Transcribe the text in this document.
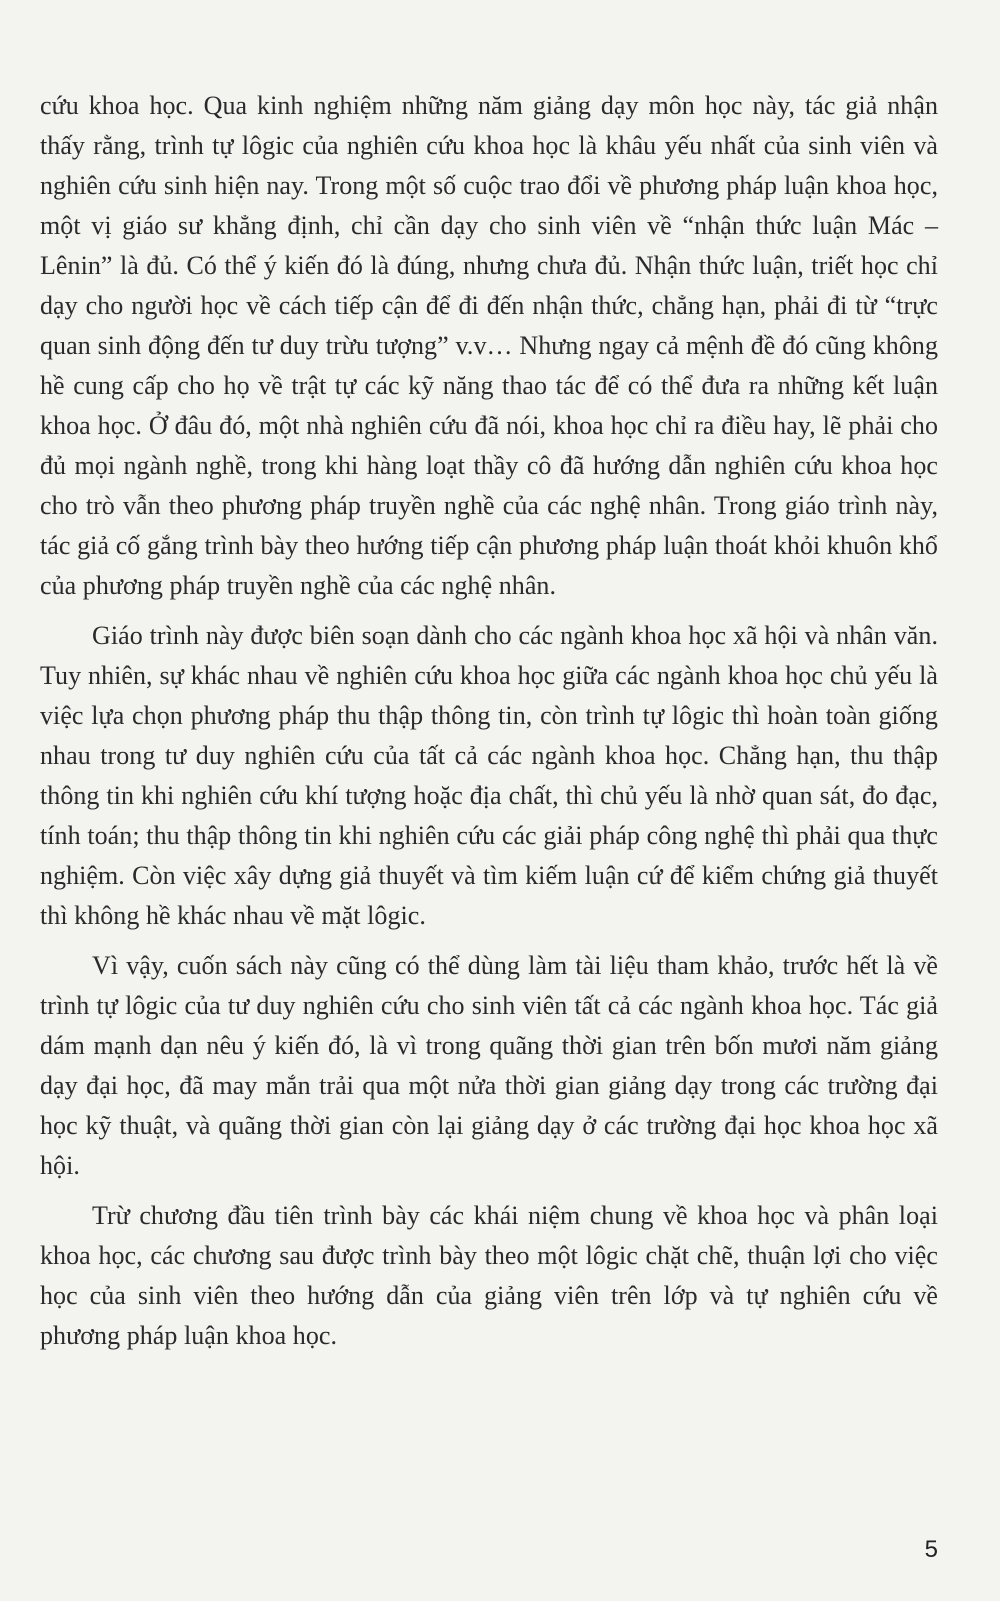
cứu khoa học. Qua kinh nghiệm những năm giảng dạy môn học này, tác giả nhận thấy rằng, trình tự lôgic của nghiên cứu khoa học là khâu yếu nhất của sinh viên và nghiên cứu sinh hiện nay. Trong một số cuộc trao đổi về phương pháp luận khoa học, một vị giáo sư khẳng định, chỉ cần dạy cho sinh viên về “nhận thức luận Mác – Lênin” là đủ. Có thể ý kiến đó là đúng, nhưng chưa đủ. Nhận thức luận, triết học chỉ dạy cho người học về cách tiếp cận để đi đến nhận thức, chẳng hạn, phải đi từ “trực quan sinh động đến tư duy trừu tượng” v.v… Nhưng ngay cả mệnh đề đó cũng không hề cung cấp cho họ về trật tự các kỹ năng thao tác để có thể đưa ra những kết luận khoa học. Ở đâu đó, một nhà nghiên cứu đã nói, khoa học chỉ ra điều hay, lẽ phải cho đủ mọi ngành nghề, trong khi hàng loạt thầy cô đã hướng dẫn nghiên cứu khoa học cho trò vẫn theo phương pháp truyền nghề của các nghệ nhân. Trong giáo trình này, tác giả cố gắng trình bày theo hướng tiếp cận phương pháp luận thoát khỏi khuôn khổ của phương pháp truyền nghề của các nghệ nhân.

Giáo trình này được biên soạn dành cho các ngành khoa học xã hội và nhân văn. Tuy nhiên, sự khác nhau về nghiên cứu khoa học giữa các ngành khoa học chủ yếu là việc lựa chọn phương pháp thu thập thông tin, còn trình tự lôgic thì hoàn toàn giống nhau trong tư duy nghiên cứu của tất cả các ngành khoa học. Chẳng hạn, thu thập thông tin khi nghiên cứu khí tượng hoặc địa chất, thì chủ yếu là nhờ quan sát, đo đạc, tính toán; thu thập thông tin khi nghiên cứu các giải pháp công nghệ thì phải qua thực nghiệm. Còn việc xây dựng giả thuyết và tìm kiếm luận cứ để kiểm chứng giả thuyết thì không hề khác nhau về mặt lôgic.

Vì vậy, cuốn sách này cũng có thể dùng làm tài liệu tham khảo, trước hết là về trình tự lôgic của tư duy nghiên cứu cho sinh viên tất cả các ngành khoa học. Tác giả dám mạnh dạn nêu ý kiến đó, là vì trong quãng thời gian trên bốn mươi năm giảng dạy đại học, đã may mắn trải qua một nửa thời gian giảng dạy trong các trường đại học kỹ thuật, và quãng thời gian còn lại giảng dạy ở các trường đại học khoa học xã hội.

Trừ chương đầu tiên trình bày các khái niệm chung về khoa học và phân loại khoa học, các chương sau được trình bày theo một lôgic chặt chẽ, thuận lợi cho việc học của sinh viên theo hướng dẫn của giảng viên trên lớp và tự nghiên cứu về phương pháp luận khoa học.

5
